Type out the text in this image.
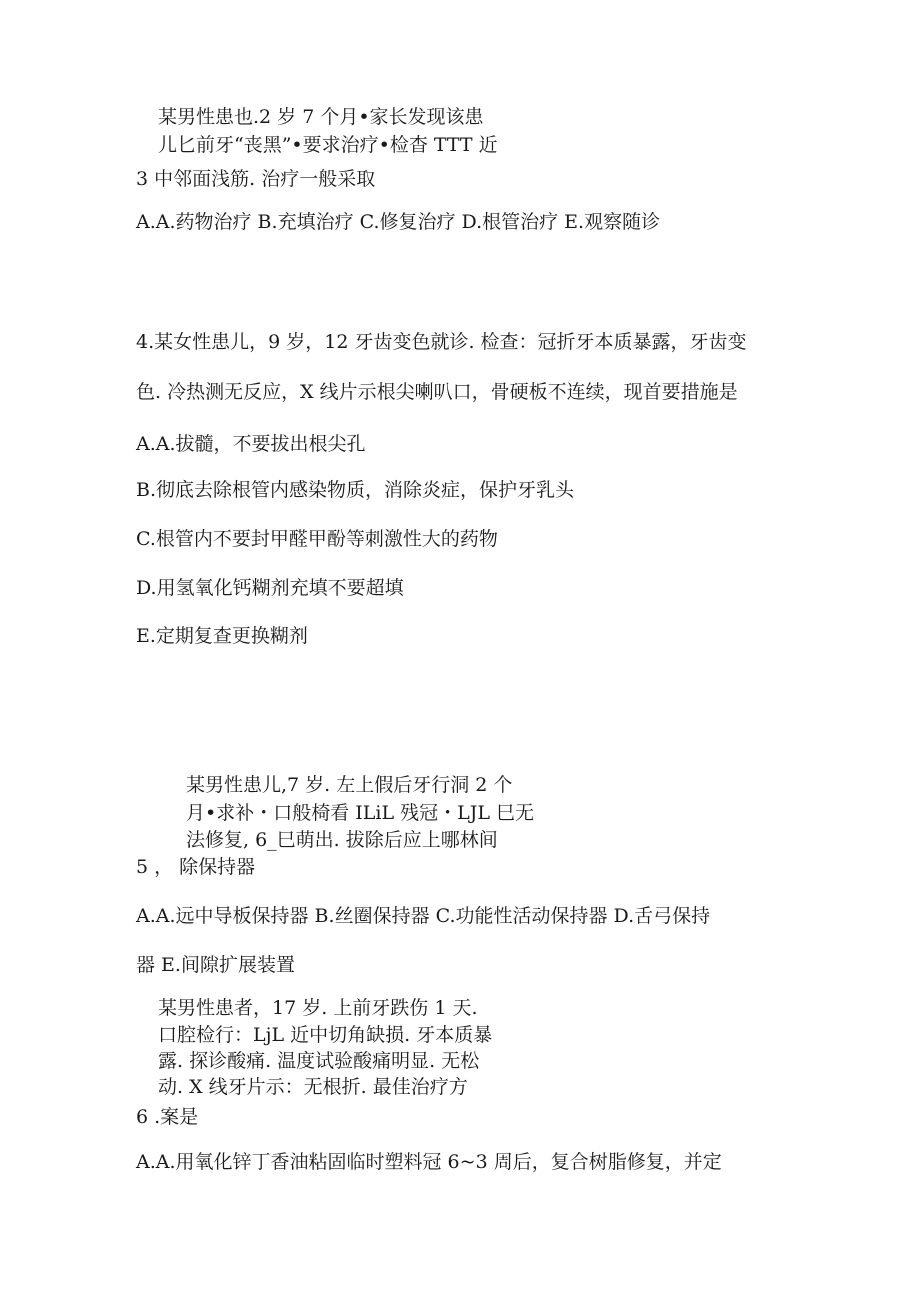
某男性患也.2 岁 7 个月•家长发现该患
儿匕前牙“丧黑”•要求治疗•检杳 TTT 近
3 中邻面浅筋. 治疗一般采取
A.A.药物治疗 B.充填治疗 C.修复治疗 D.根管治疗 E.观察随诊
4.某女性患儿，9 岁，12 牙齿变色就诊. 检查：冠折牙本质暴露，牙齿变
色. 冷热测无反应，X 线片示根尖喇叭口，骨硬板不连续，现首要措施是
A.A.拔髓，不要拔出根尖孔
B.彻底去除根管内感染物质，消除炎症，保护牙乳头
C.根管内不要封甲醛甲酚等刺激性大的药物
D.用氢氧化钙糊剂充填不要超填
E.定期复查更换糊剂
某男性患儿,7 岁. 左上假后牙行洞 2 个
月•求补・口般椅看 ILiL 残冠・LJL 巳无
法修复, 6_巳萌出. 拔除后应上哪林间
5 ， 除保持器
A.A.远中导板保持器 B.丝圈保持器 C.功能性活动保持器 D.舌弓保持
器 E.间隙扩展装置
某男性患者，17 岁. 上前牙跌伤 1 天.
口腔检行：LjL 近中切角缺损. 牙本质暴
露. 探诊酸痛. 温度试验酸痛明显. 无松
动. X 线牙片示：无根折. 最佳治疗方
6 .案是
A.A.用氧化锌丁香油粘固临时塑料冠 6~3 周后，复合树脂修复，并定
